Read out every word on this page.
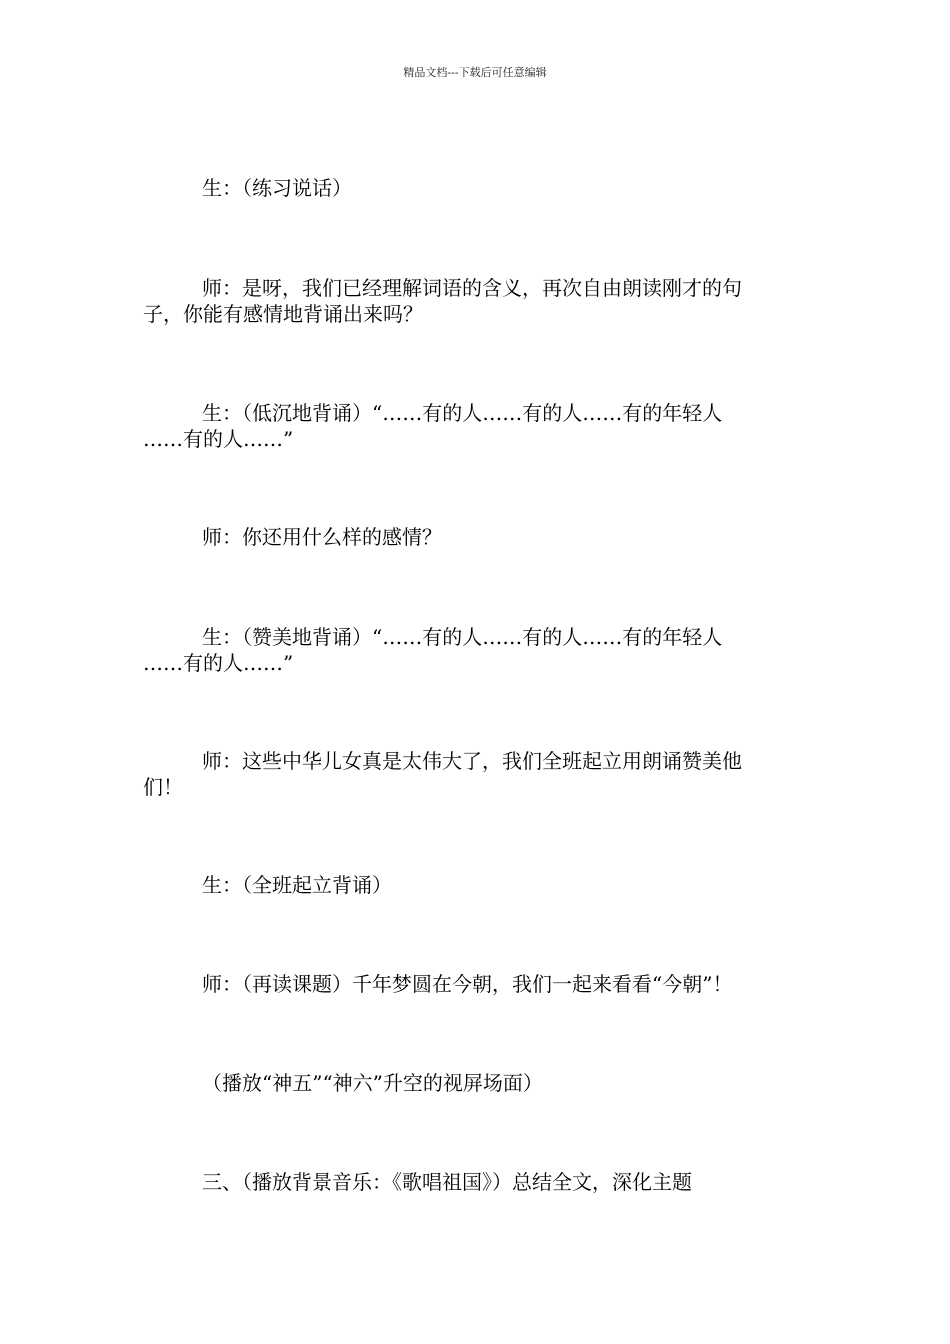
精品文档---下载后可任意编辑
生：（练习说话）
师：是呀，我们已经理解词语的含义，再次自由朗读刚才的句
子，你能有感情地背诵出来吗？
生：（低沉地背诵）“……有的人……有的人……有的年轻人
……有的人……”
师：你还用什么样的感情？
生：（赞美地背诵）“……有的人……有的人……有的年轻人
……有的人……”
师：这些中华儿女真是太伟大了，我们全班起立用朗诵赞美他
们！
生：（全班起立背诵）
师：（再读课题）千年梦圆在今朝，我们一起来看看“今朝”！
（播放“神五”“神六”升空的视屏场面）
三、（播放背景音乐：《歌唱祖国》）总结全文，深化主题
